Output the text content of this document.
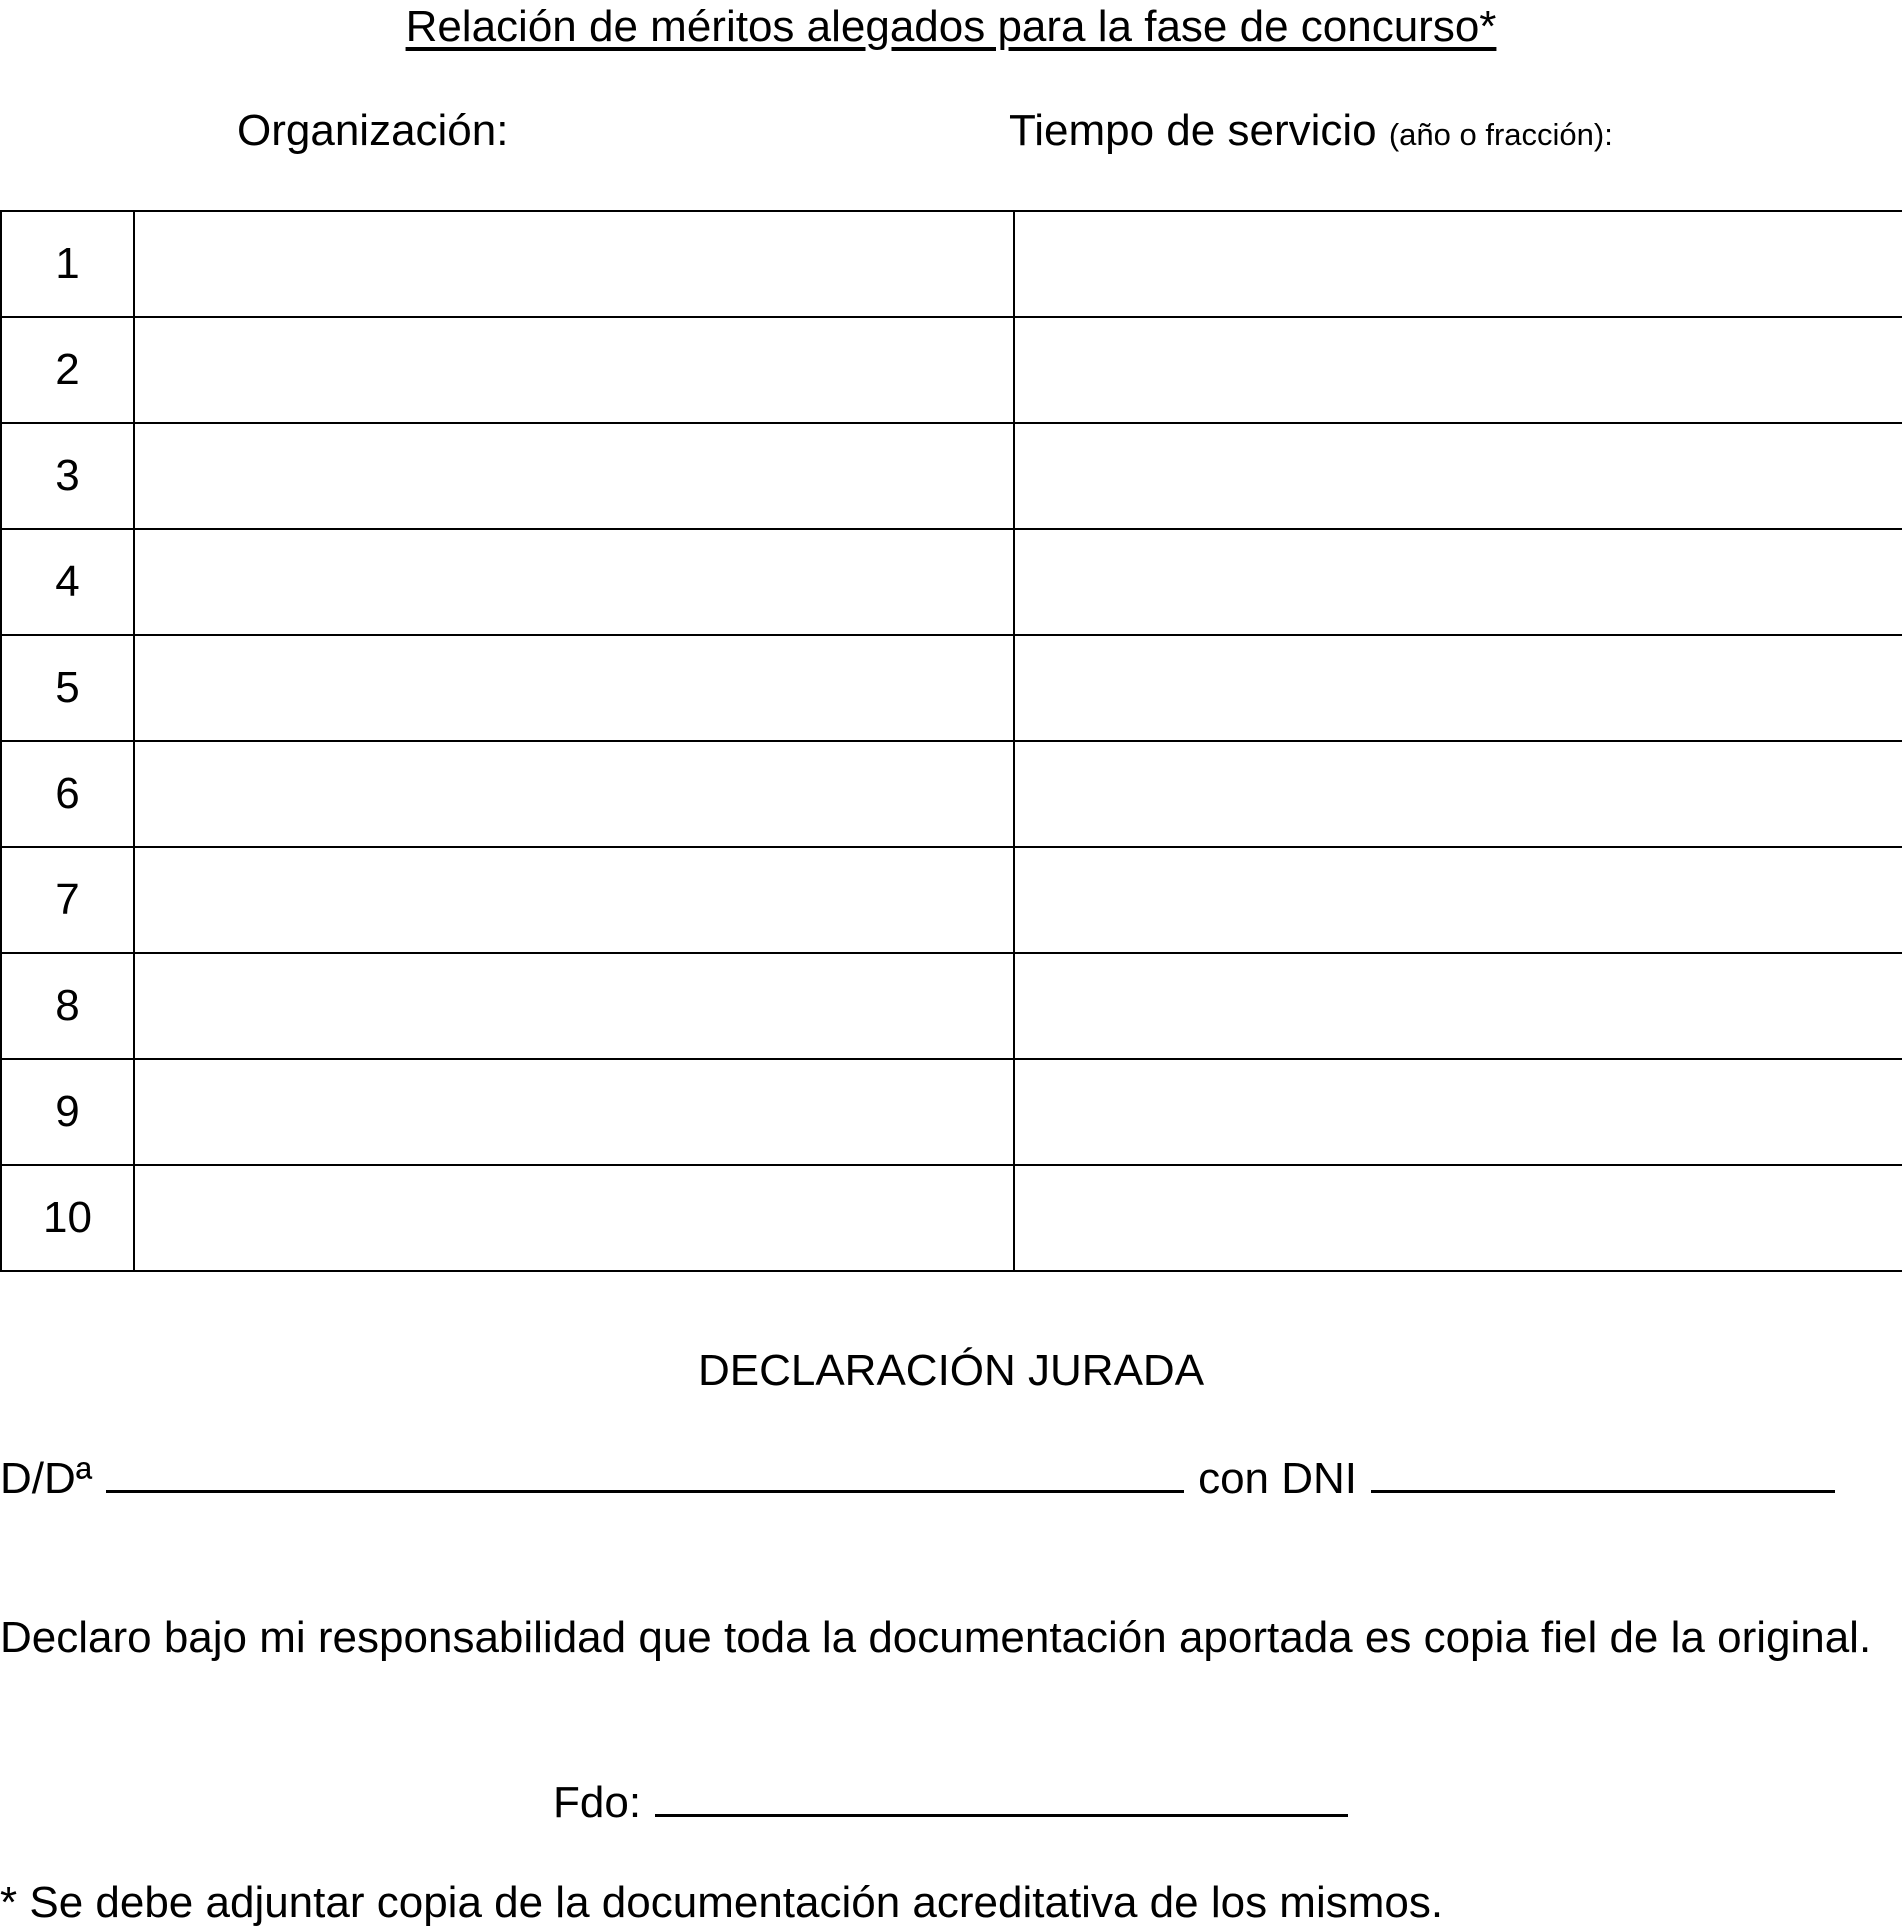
Relación de méritos alegados para la fase de concurso*
Organización:	Tiempo de servicio (año o fracción):
1		
2		
3		
4		
5		
6		
7		
8		
9		
10		
DECLARACIÓN JURADA
D/Dª	con DNI
Declaro bajo mi responsabilidad que toda la documentación aportada es copia fiel de la original.
Fdo:
* Se debe adjuntar copia de la documentación acreditativa de los mismos.
